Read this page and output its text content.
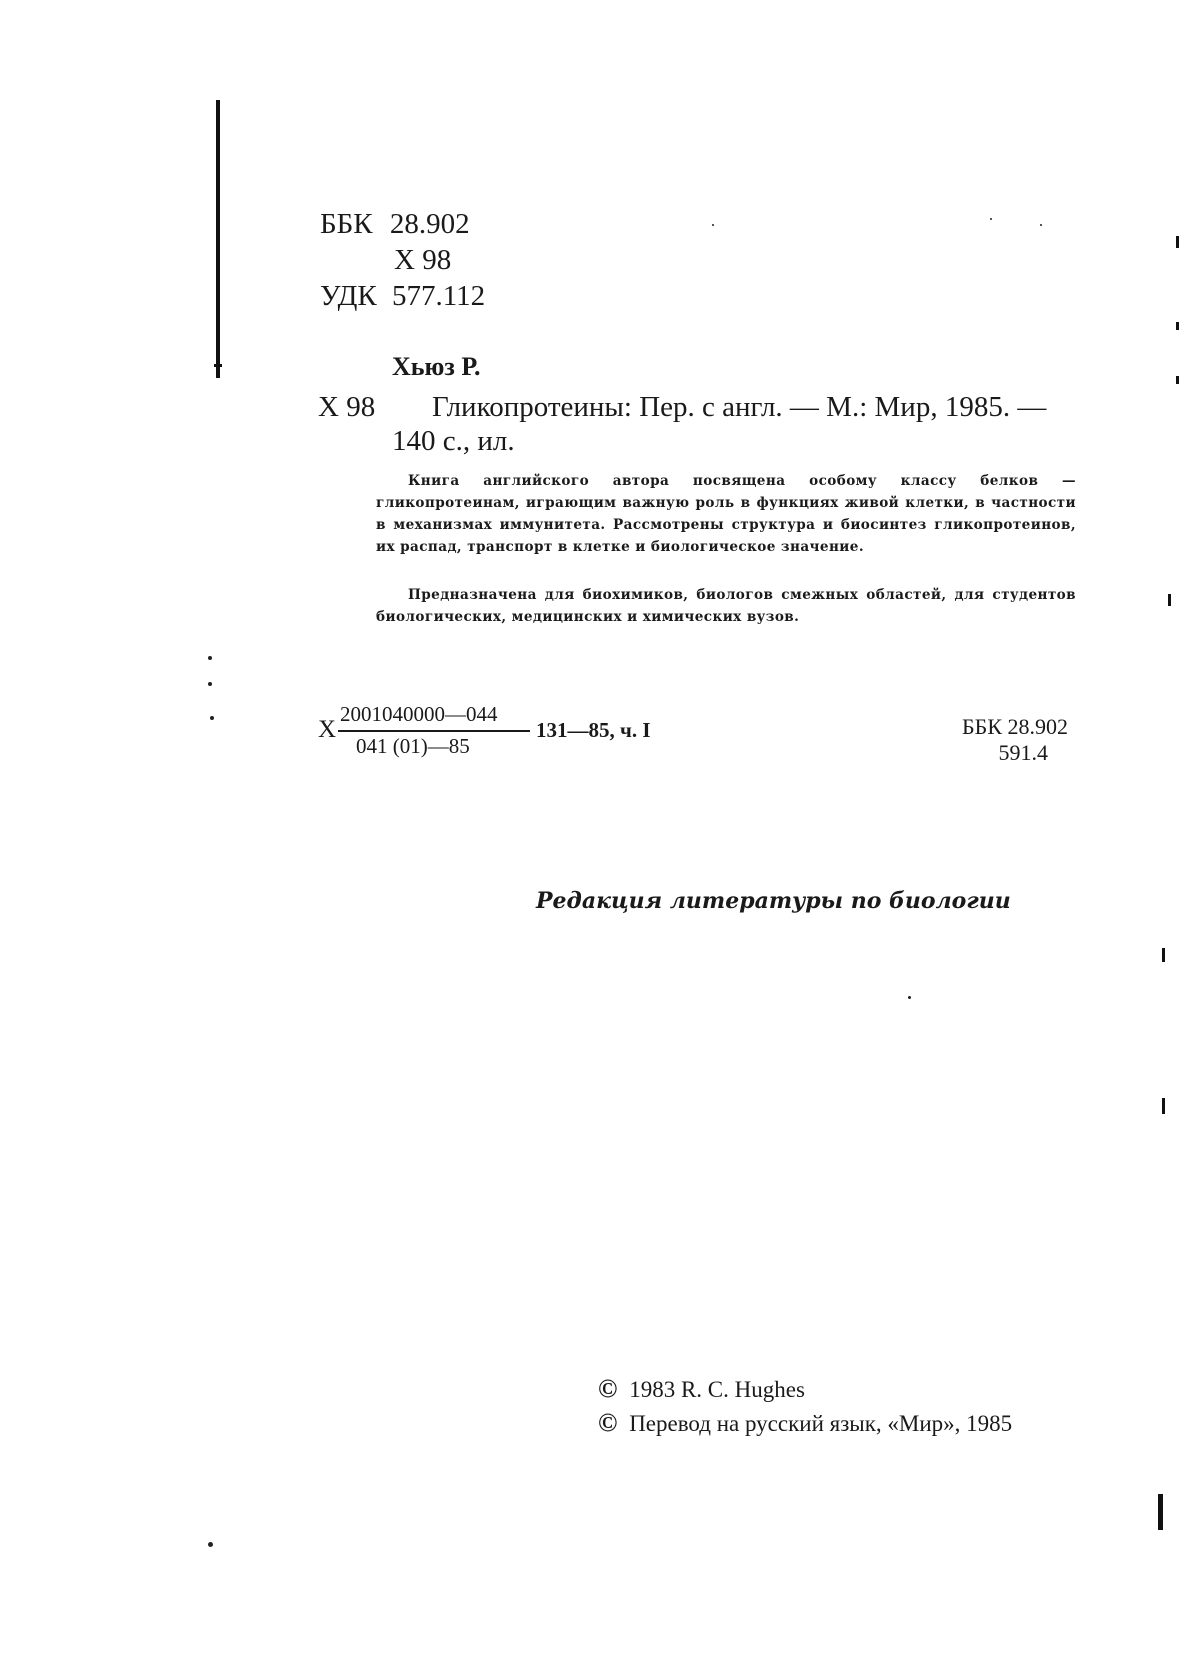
ББК 28.902
Х 98
УДК 577.112
Хьюз Р.
Х 98 Гликопротеины: Пер. с англ. — М.: Мир, 1985. —
140 с., ил.

Книга английского автора посвящена особому классу белков — гликопротеинам, играющим важную роль в функциях живой клетки, в частности в механизмах иммунитета. Рассмотрены структура и биосинтез гликопротеинов, их распад, транспорт в клетке и биологическое значение.

Предназначена для биохимиков, биологов смежных областей, для студентов биологических, медицинских и химических вузов.

Х
2001040000—044
041 (01)—85
131—85, ч. I	ББК 28.902
591.4
Редакция литературы по биологии
© 1983 R. C. Hughes
© Перевод на русский язык, «Мир», 1985
